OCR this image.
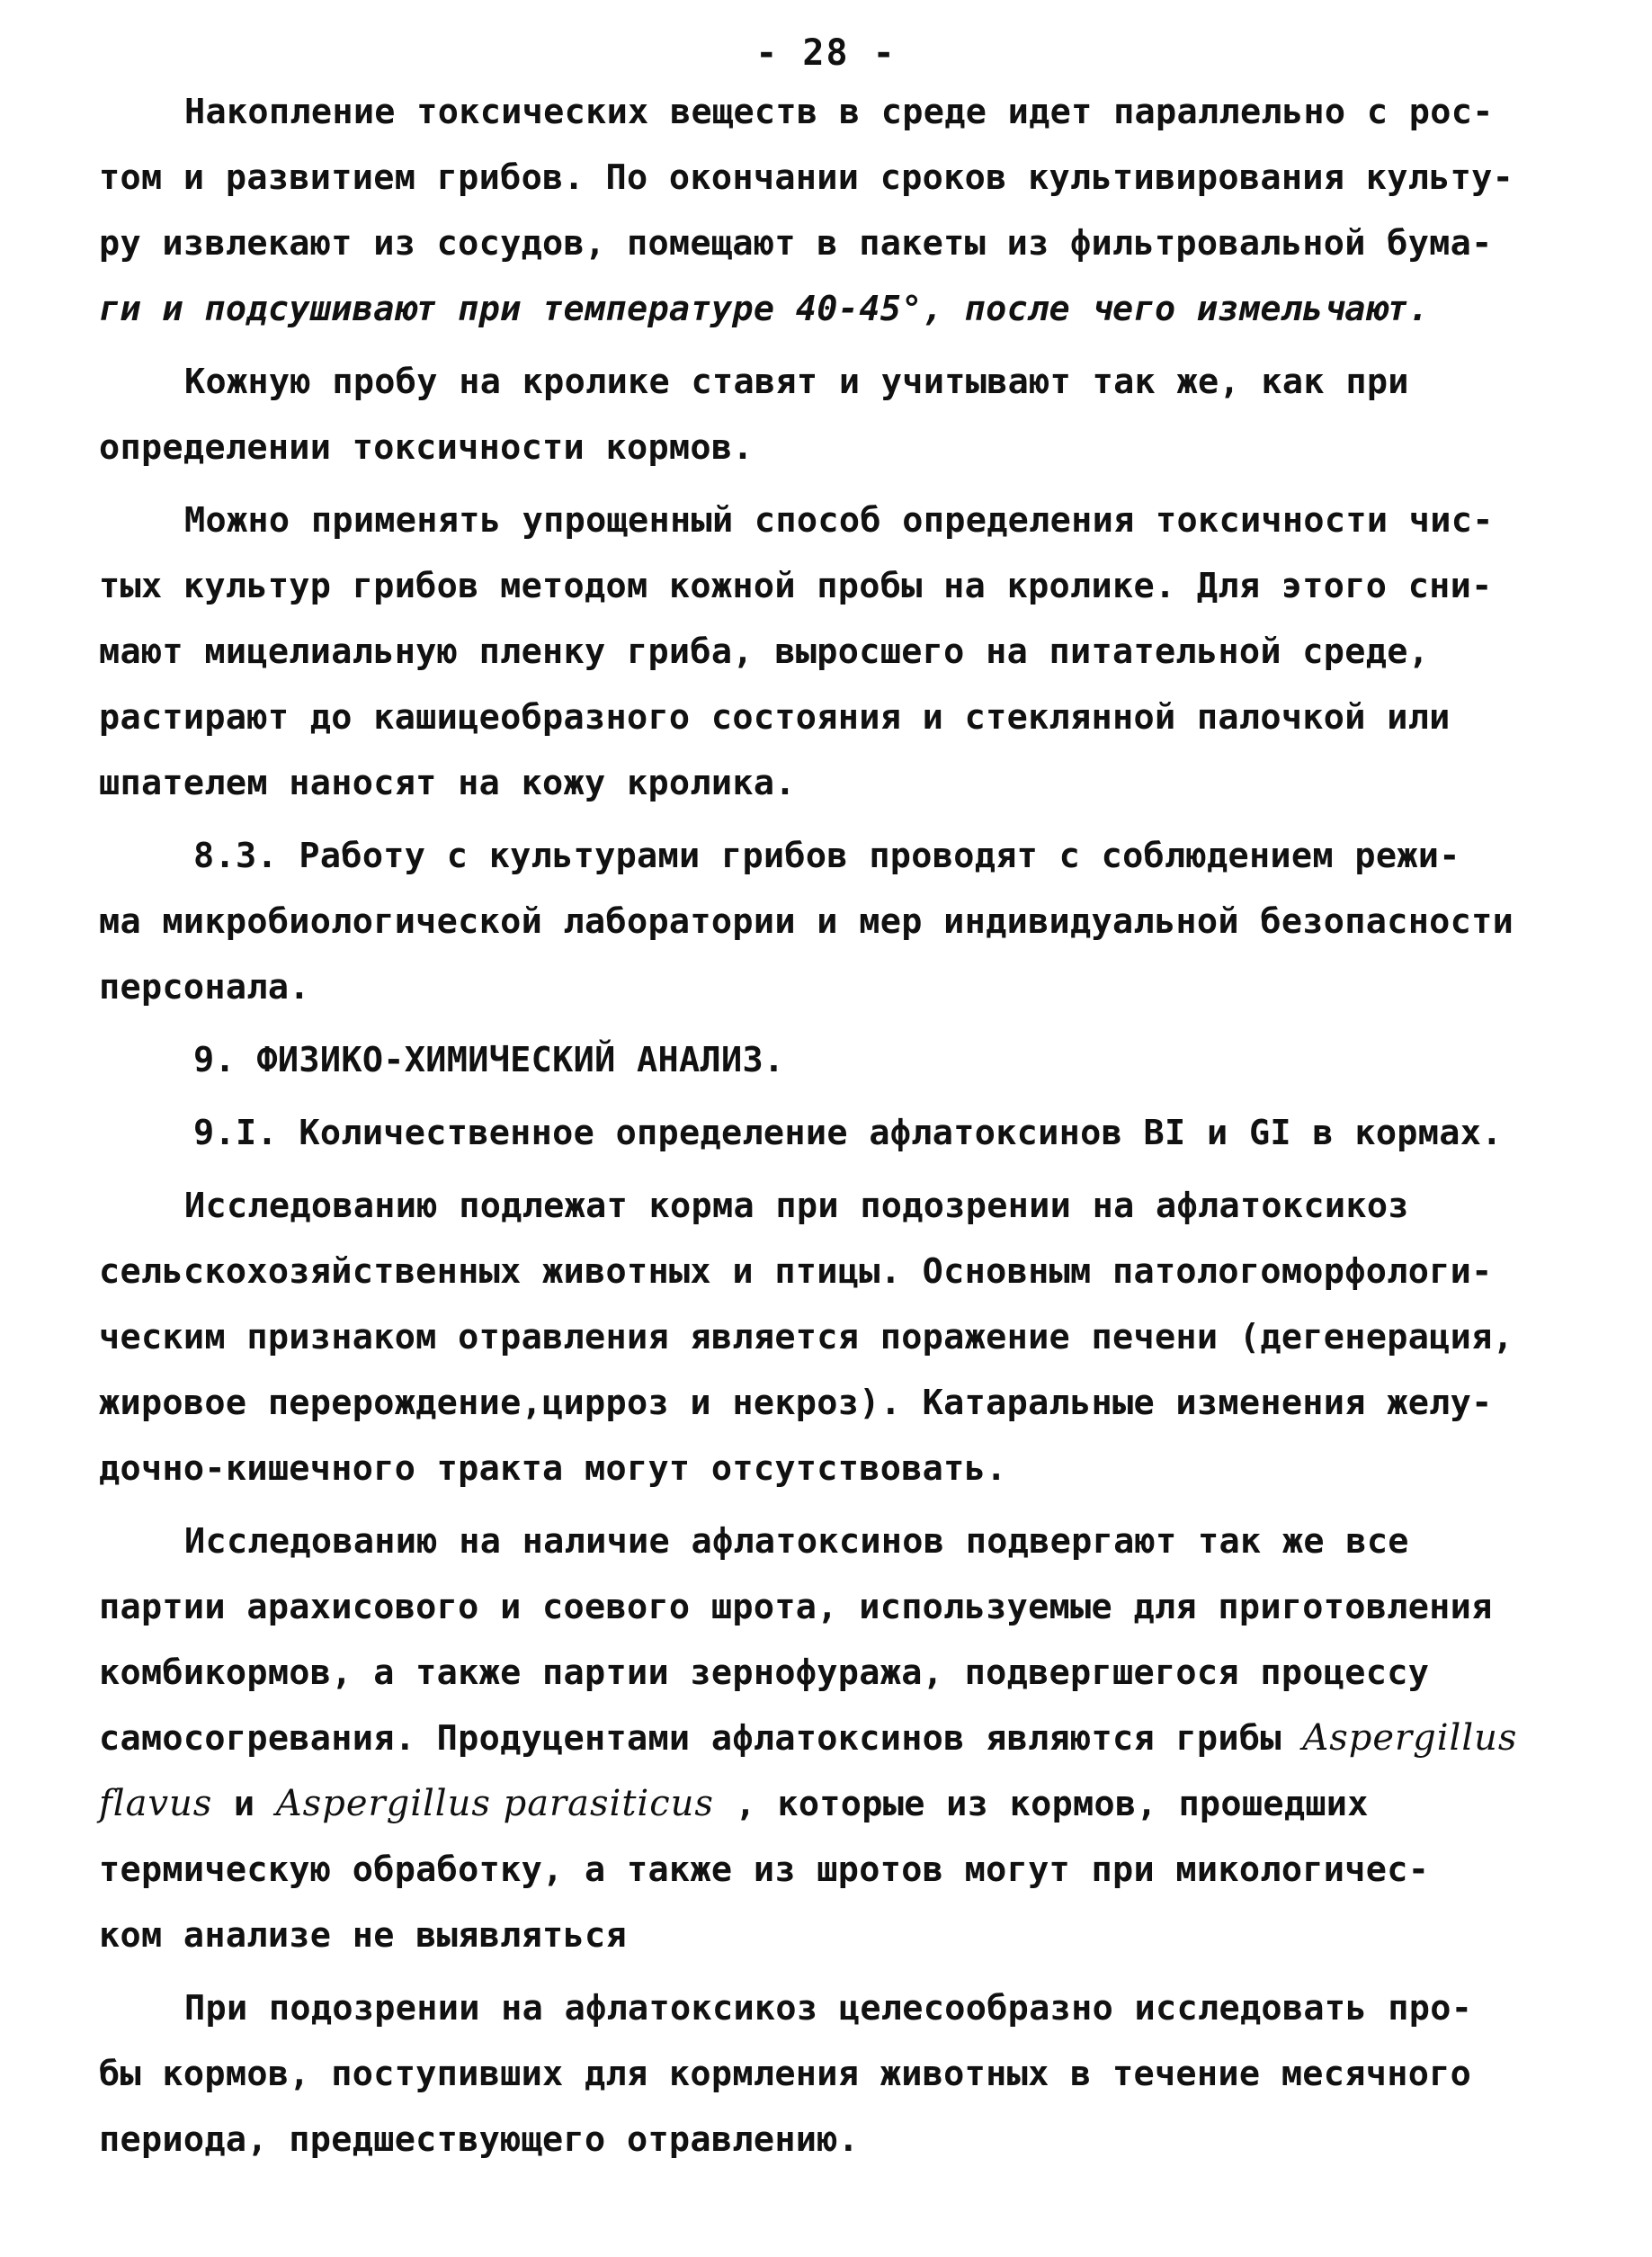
- 28 -
Накопление токсических веществ в среде идет параллельно с рос-
том и развитием грибов. По окончании сроков культивирования культу-
ру извлекают из сосудов, помещают в пакеты из фильтровальной бума-
ги и подсушивают при температуре 40-45°, после чего измельчают.
Кожную пробу на кролике ставят и учитывают так же, как при
определении токсичности кормов.
Можно применять упрощенный способ определения токсичности чис-
тых культур грибов методом кожной пробы на кролике. Для этого сни-
мают мицелиальную пленку гриба, выросшего на питательной среде,
растирают до кашицеобразного состояния и стеклянной палочкой или
шпателем наносят на кожу кролика.
8.3. Работу с культурами грибов проводят с соблюдением режи-
ма микробиологической лаборатории и мер индивидуальной безопасности
персонала.
9. ФИЗИКО-ХИМИЧЕСКИЙ АНАЛИЗ.
9.I. Количественное определение афлатоксинов BI и GI в кормах.
Исследованию подлежат корма при подозрении на афлатоксикоз
сельскохозяйственных животных и птицы. Основным патологоморфологи-
ческим признаком отравления является поражение печени (дегенерация,
жировое перерождение,цирроз и некроз). Катаральные изменения желу-
дочно-кишечного тракта могут отсутствовать.
Исследованию на наличие афлатоксинов подвергают так же все
партии арахисового и соевого шрота, используемые для приготовления
комбикормов, а также партии зернофуража, подвергшегося процессу
самосогревания. Продуцентами афлатоксинов являются грибы Aspergillus
flavus и Aspergillus parasiticus , которые из кормов, прошедших
термическую обработку, а также из шротов могут при микологичес-
ком анализе не выявляться
При подозрении на афлатоксикоз целесообразно исследовать про-
бы кормов, поступивших для кормления животных в течение месячного
периода, предшествующего отравлению.
